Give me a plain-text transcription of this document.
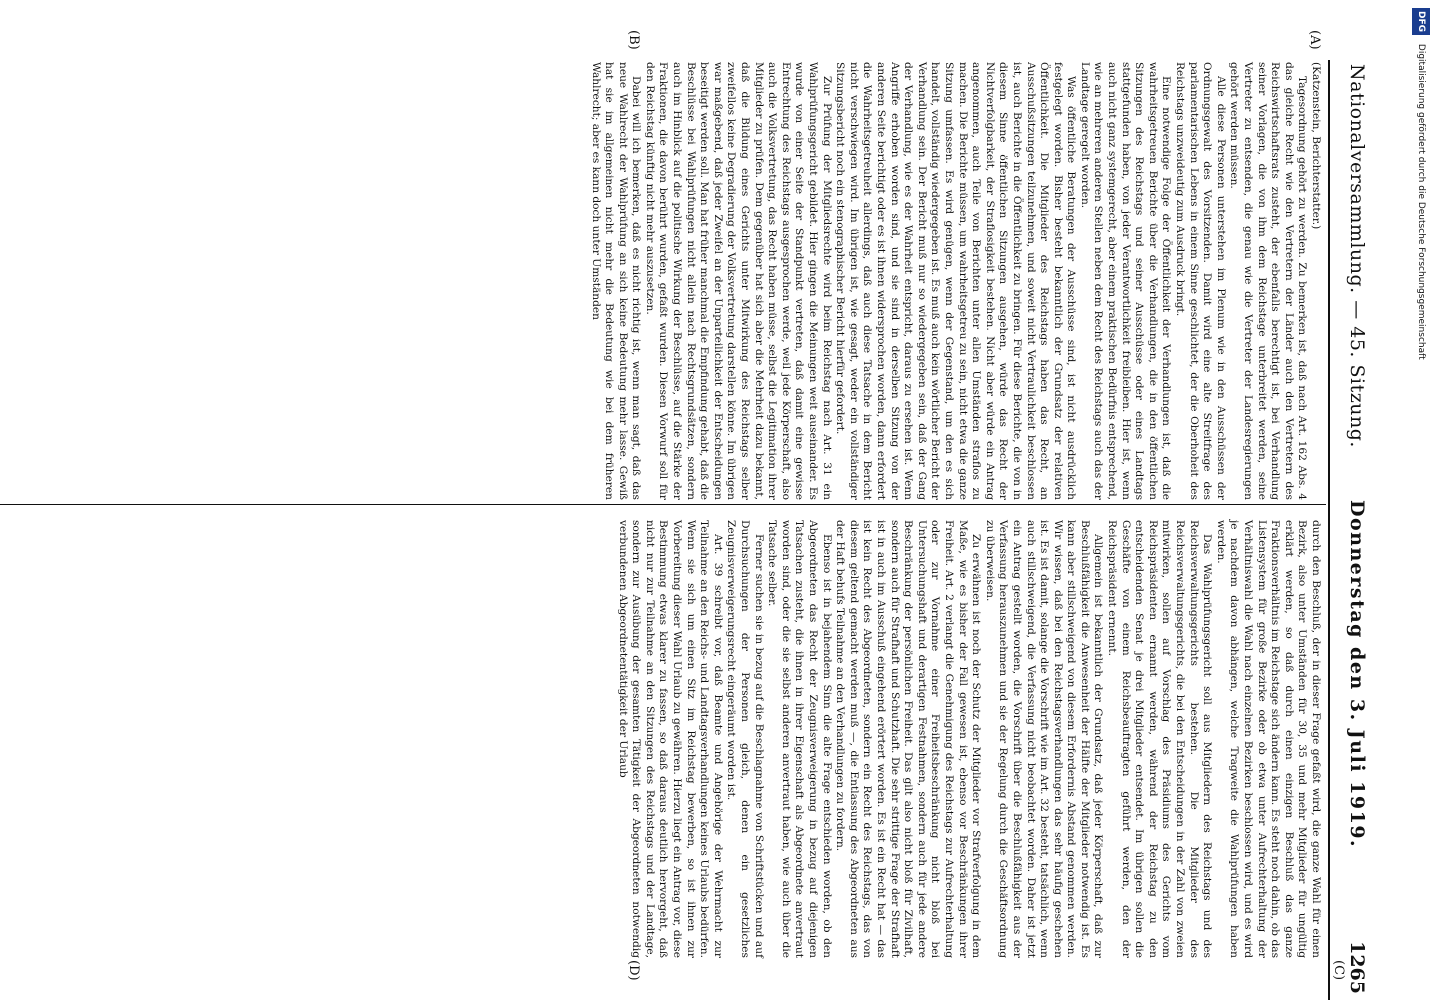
Nationalversammlung. — 45. Sitzung.
Donnerstag den 3. Juli 1919.
1265
(A)
(B)
(C)
(D)

(Katzenstein, Berichterstatter.)

Tagesordnung gehört zu werden. Zu bemerken ist, daß nach Art. 162 Abs. 4 das gleiche Recht wie den Vertretern der Länder auch den Vertretern des Reichswirtschaftsrats zusteht, der ebenfalls berechtigt ist, bei Verhandlung seiner Vorlagen, die von ihm dem Reichstage unterbreitet werden, seine Vertreter zu entsenden, die genau wie die Vertreter der Landesregierungen gehört werden müssen.

Alle diese Personen unterstehen im Plenum wie in den Ausschüssen der Ordnungsgewalt des Vorsitzenden. Damit wird eine alte Streitfrage des parlamentarischen Lebens in einem Sinne geschlichtet, der die Oberhoheit des Reichstags unzweideutig zum Ausdruck bringt.

Eine notwendige Folge der Öffentlichkeit der Verhandlungen ist, daß die wahrheitsgetreuen Berichte über die Verhandlungen, die in den öffentlichen Sitzungen des Reichstags und seiner Ausschüsse oder eines Landtags stattgefunden haben, von jeder Verantwortlichkeit freibleiben. Hier ist, wenn auch nicht ganz systemgerecht, aber einem praktischen Bedürfnis entsprechend, wie an mehreren anderen Stellen neben dem Recht des Reichstags auch das der Landtage geregelt worden.

Was öffentliche Beratungen der Ausschüsse sind, ist nicht ausdrücklich festgelegt worden. Bisher besteht bekanntlich der Grundsatz der relativen Öffentlichkeit. Die Mitglieder des Reichstags haben das Recht, an Ausschußsitzungen teilzunehmen, und soweit nicht Vertraulichkeit beschlossen ist, auch Berichte in die Öffentlichkeit zu bringen. Für diese Berichte, die von in diesem Sinne öffentlichen Sitzungen ausgehen, würde das Recht der Nichtverfolgbarkeit, der Straflosigkeit bestehen. Nicht aber würde ein Antrag angenommen, auch Teile von Berichten unter allen Umständen straflos zu machen. Die Berichte müssen, um wahrheitsgetreu zu sein, nicht etwa die ganze Sitzung umfassen. Es wird genügen, wenn der Gegenstand, um den es sich handelt, vollständig wiedergegeben ist. Es muß auch kein wörtlicher Bericht der Verhandlung sein. Der Bericht muß nur so wiedergegeben sein, daß der Gang der Verhandlung, wie es der Wahrheit entspricht, daraus zu ersehen ist. Wenn Angriffe erhoben worden sind, und sie sind in derselben Sitzung von der anderen Seite berichtigt oder es ist ihnen widersprochen worden, dann erfordert die Wahrheitsgetreuheit allerdings, daß auch diese Tatsache in dem Bericht nicht verschwiegen wird. Im übrigen ist, wie gesagt, weder ein vollständiger Sitzungsbericht noch ein stenographischer Bericht hierfür gefordert.

Zur Prüfung der Mitgliedsrechte wird beim Reichstag nach Art. 31 ein Wahlprüfungsgericht gebildet. Hier gingen die Meinungen weit auseinander. Es wurde von einer Seite der Standpunkt vertreten, daß damit eine gewisse Entrechtung des Reichstags ausgesprochen werde, weil jede Körperschaft, also auch die Volksvertretung, das Recht haben müsse, selbst die Legitimation ihrer Mitglieder zu prüfen. Dem gegenüber hat sich aber die Mehrheit dazu bekannt, daß die Bildung eines Gerichts unter Mitwirkung des Reichstags selber zweifellos keine Degradierung der Volksvertretung darstellen könne. Im übrigen war maßgebend, daß jeder Zweifel an der Unparteilichkeit der Entscheidungen beseitigt werden soll. Man hat früher manchmal die Empfindung gehabt, daß die Beschlüsse bei Wahlprüfungen nicht allein nach Rechtsgrundsätzen, sondern auch im Hinblick auf die politische Wirkung der Beschlüsse, auf die Stärke der Fraktionen, die davon berührt wurden, gefaßt wurden. Diesen Vorwurf soll für den Reichstag künftig nicht mehr auszusetzen.

Dabei will ich bemerken, daß es nicht richtig ist, wenn man sagt, daß das neue Wahlrecht der Wahlprüfung an sich keine Bedeutung mehr lasse. Gewiß hat sie im allgemeinen nicht mehr die Bedeutung wie bei dem früheren Wahlrecht; aber es kann doch unter Umständen

durch den Beschluß, der in dieser Frage gefaßt wird, die ganze Wahl für einen Bezirk, also unter Umständen für 30, 35 und mehr Mitglieder für ungültig erklärt werden, so daß durch einen einzigen Beschluß das ganze Fraktionsverhältnis im Reichstage sich ändern kann. Es steht noch dahin, ob das Listensystem für große Bezirke oder ob etwa unter Aufrechterhaltung der Verhältniswahl die Wahl nach einzelnen Bezirken beschlossen wird, und es wird je nachdem davon abhängen, welche Tragweite die Wahlprüfungen haben werden.

Das Wahlprüfungsgericht soll aus Mitgliedern des Reichstags und des Reichsverwaltungsgerichts bestehen. Die Mitglieder des Reichsverwaltungsgerichts, die bei den Entscheidungen in der Zahl von zweien mitwirken, sollen auf Vorschlag des Präsidiums des Gerichts vom Reichspräsidenten ernannt werden, während der Reichstag zu den entscheidenden Senat je drei Mitglieder entsendet. Im übrigen sollen die Geschäfte von einem Reichsbeauftragten geführt werden, den der Reichspräsident ernennt.

Allgemein ist bekanntlich der Grundsatz, daß jeder Körperschaft, daß zur Beschlußfähigkeit die Anwesenheit der Hälfte der Mitglieder notwendig ist. Es kann aber stillschweigend von diesem Erfordernis Abstand genommen werden. Wir wissen, daß bei den Reichstagsverhandlungen das sehr häufig geschehen ist. Es ist damit, solange die Vorschrift wie im Art. 32 besteht, tatsächlich, wenn auch stillschweigend, die Verfassung nicht beobachtet worden. Daher ist jetzt ein Antrag gestellt worden, die Vorschrift über die Beschlußfähigkeit aus der Verfassung herauszunehmen und sie der Regelung durch die Geschäftsordnung zu überweisen.

Zu erwähnen ist noch der Schutz der Mitglieder vor Strafverfolgung in dem Maße, wie es bisher der Fall gewesen ist, ebenso vor Beschränkungen ihrer Freiheit. Art. 2 verlangt die Genehmigung des Reichstags zur Aufrechterhaltung oder zur Vornahme einer Freiheitsbeschränkung nicht bloß bei Untersuchungshaft und derartigen Festnahmen, sondern auch für jede andere Beschränkung der persönlichen Freiheit. Das gilt also nicht bloß für Zivilhaft, sondern auch für Strafhaft und Schutzhaft. Die sehr strittige Frage der Strafhaft ist in auch im Ausschuß eingehend erörtert worden. Es ist ein Recht hat — das ist kein Recht des Abgeordneten, sondern ein Recht des Reichstags, das von diesem geltend gemacht werden muß —, die Entlassung des Abgeordneten aus der Haft behufs Teilnahme an den Verhandlungen zu fordern.

Ebenso ist in bejahendem Sinn die alte Frage entschieden worden, ob den Abgeordneten das Recht der Zeugnisverweigerung in bezug auf diejenigen Tatsachen zusteht, die ihnen in ihrer Eigenschaft als Abgeordnete anvertraut worden sind, oder die sie selbst anderen anvertraut haben, wie auch über die Tatsache selber.

Ferner suchen sie in bezug auf die Beschlagnahme von Schriftstücken und auf Durchsuchungen der Personen gleich, denen ein gesetzliches Zeugnisverweigerungsrecht eingeräumt worden ist.

Art. 39 schreibt vor, daß Beamte und Angehörige der Wehrmacht zur Teilnahme an den Reichs- und Landtagsverhandlungen keines Urlaubs bedürfen. Wenn sie sich um einen Sitz im Reichstag bewerben, so ist ihnen zur Vorbereitung dieser Wahl Urlaub zu gewähren. Hierzu liegt ein Antrag vor, diese Bestimmung etwas klarer zu fassen, so daß daraus deutlich hervorgeht, daß nicht nur zur Teilnahme an den Sitzungen des Reichstags und der Landtage, sondern zur Ausübung der gesamten Tätigkeit der Abgeordneten notwendig verbundenen Abgeordnetentätigkeit der Urlaub

DFG Digitalisierung gefördert durch die Deutsche Forschungsgemeinschaft
